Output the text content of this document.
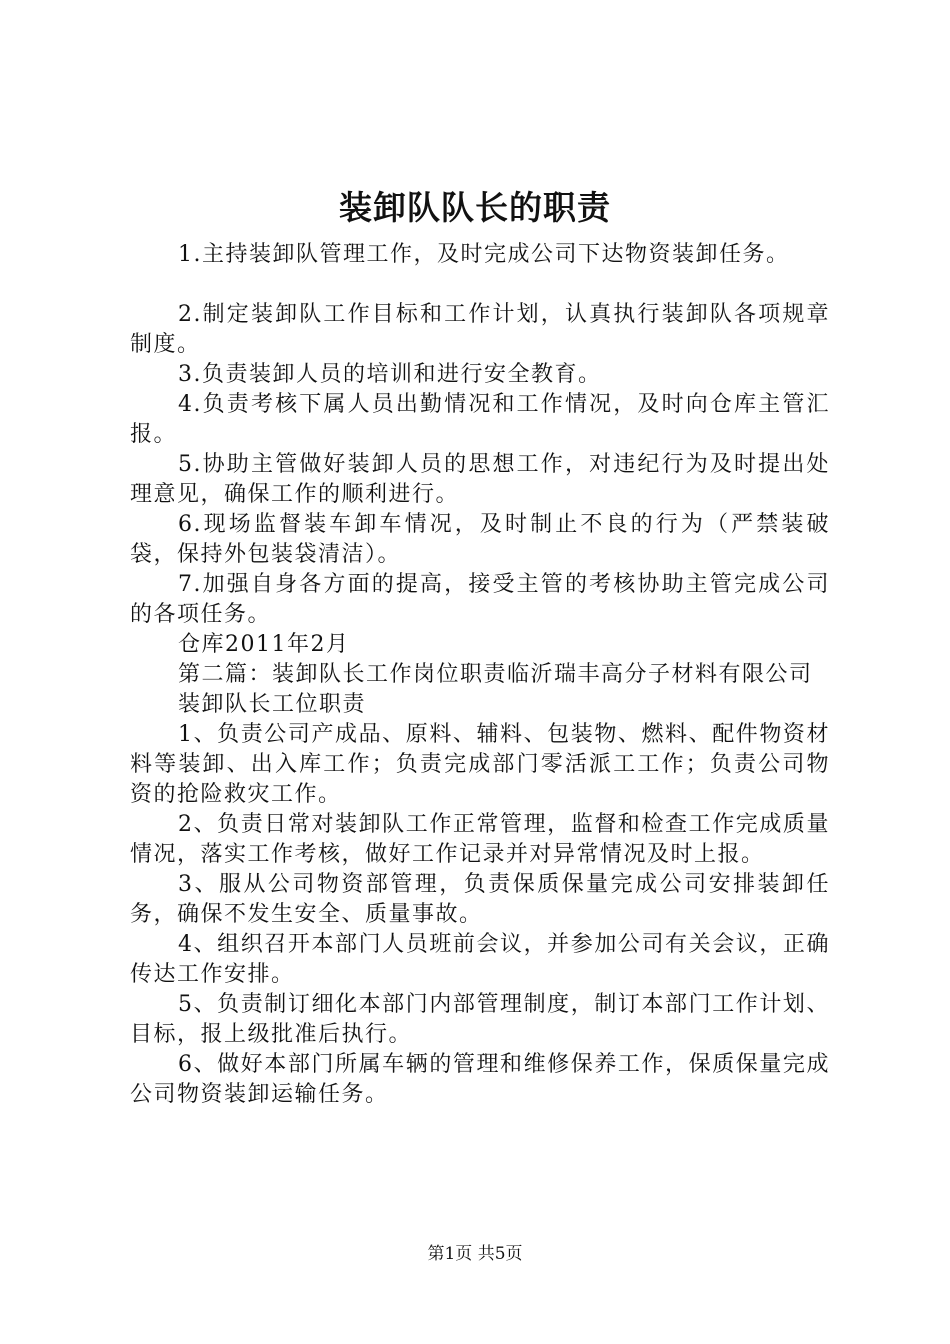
装卸队队长的职责

1.主持装卸队管理工作，及时完成公司下达物资装卸任务。

2.制定装卸队工作目标和工作计划，认真执行装卸队各项规章制度。

3.负责装卸人员的培训和进行安全教育。

4.负责考核下属人员出勤情况和工作情况，及时向仓库主管汇报。

5.协助主管做好装卸人员的思想工作，对违纪行为及时提出处理意见，确保工作的顺利进行。

6.现场监督装车卸车情况，及时制止不良的行为（严禁装破袋，保持外包装袋清洁）。

7.加强自身各方面的提高，接受主管的考核协助主管完成公司的各项任务。

仓库2011年2月

第二篇：装卸队长工作岗位职责临沂瑞丰高分子材料有限公司

装卸队长工位职责

1、负责公司产成品、原料、辅料、包装物、燃料、配件物资材料等装卸、出入库工作；负责完成部门零活派工工作；负责公司物资的抢险救灾工作。

2、负责日常对装卸队工作正常管理，监督和检查工作完成质量情况，落实工作考核，做好工作记录并对异常情况及时上报。

3、服从公司物资部管理，负责保质保量完成公司安排装卸任务，确保不发生安全、质量事故。

4、组织召开本部门人员班前会议，并参加公司有关会议，正确传达工作安排。

5、负责制订细化本部门内部管理制度，制订本部门工作计划、目标，报上级批准后执行。

6、做好本部门所属车辆的管理和维修保养工作，保质保量完成公司物资装卸运输任务。

第1页 共5页
